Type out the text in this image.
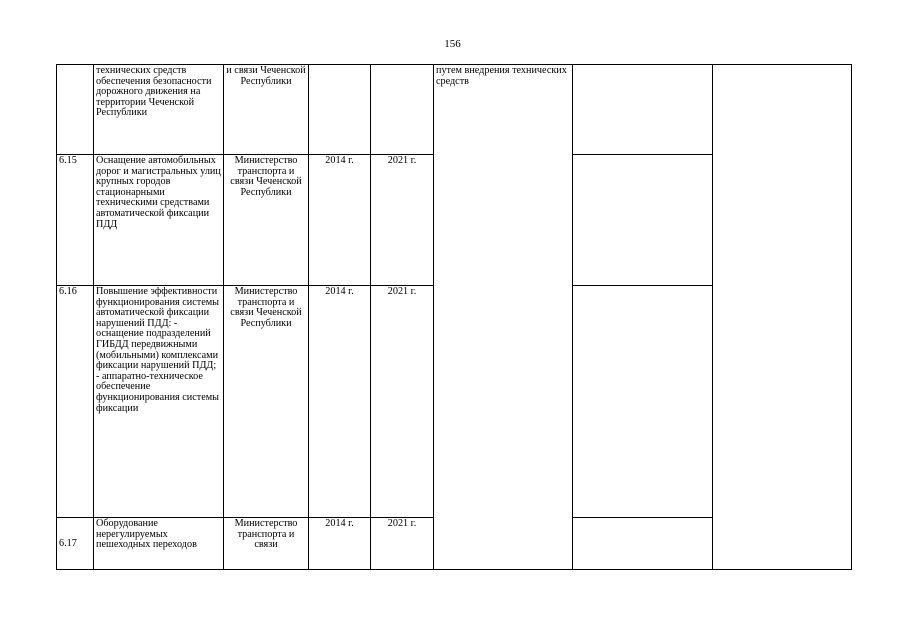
156
	технических средств обеспечения безопасности дорожного движения на территории Чеченской Республики	и связи Чеченской Республики			путем внедрения технических средств		
6.15	Оснащение автомобильных дорог и магистральных улиц крупных городов стационарными техническими средствами автоматической фиксации ПДД	Министерство транспорта и связи Чеченской Республики	2014 г.	2021 г.			
6.16	Повышение эффективности функционирования системы автоматической фиксации нарушений ПДД: - оснащение подразделений ГИБДД передвижными (мобильными) комплексами фиксации нарушений ПДД; - аппаратно-техническое обеспечение функционирования системы фиксации	Министерство транспорта и связи Чеченской Республики	2014 г.	2021 г.			
6.17	Оборудование нерегулируемых пешеходных переходов	Министерство транспорта и связи	2014 г.	2021 г.			
